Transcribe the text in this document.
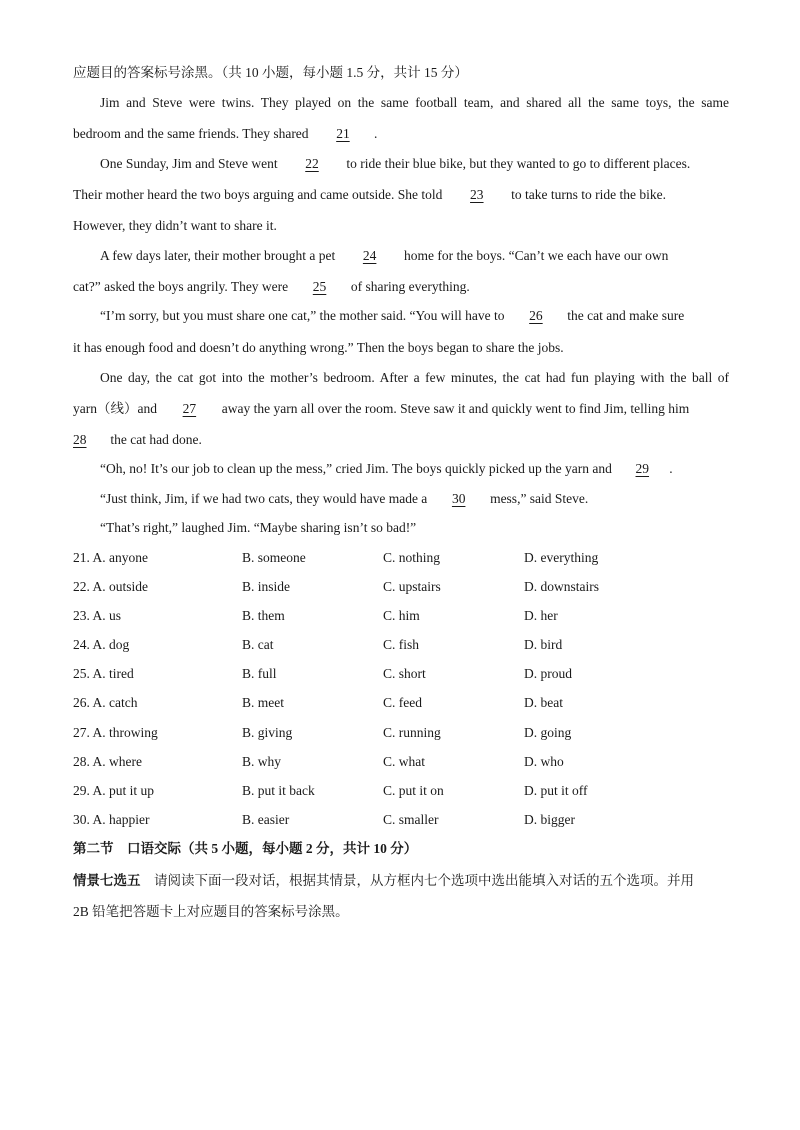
应题目的答案标号涂黑。（共 10 小题，每小题 1.5 分，共计 15 分）
Jim and Steve were twins. They played on the same football team, and shared all the same toys, the same
bedroom and the same friends. They shared 21 .
One Sunday, Jim and Steve went 22 to ride their blue bike, but they wanted to go to different places.
Their mother heard the two boys arguing and came outside. She told 23 to take turns to ride the bike.
However, they didn’t want to share it.
A few days later, their mother brought a pet 24 home for the boys. “Can’t we each have our own
cat?” asked the boys angrily. They were 25 of sharing everything.
“I’m sorry, but you must share one cat,” the mother said. “You will have to 26 the cat and make sure
it has enough food and doesn’t do anything wrong.” Then the boys began to share the jobs.
One day, the cat got into the mother’s bedroom. After a few minutes, the cat had fun playing with the ball of
yarn（线）and 27 away the yarn all over the room. Steve saw it and quickly went to find Jim, telling him
28 the cat had done.
“Oh, no! It’s our job to clean up the mess,” cried Jim. The boys quickly picked up the yarn and 29 .
“Just think, Jim, if we had two cats, they would have made a 30 mess,” said Steve.
“That’s right,” laughed Jim. “Maybe sharing isn’t so bad!”
21. A. anyone	B. someone	C. nothing	D. everything
22. A. outside	B. inside	C. upstairs	D. downstairs
23. A. us	B. them	C. him	D. her
24. A. dog	B. cat	C. fish	D. bird
25. A. tired	B. full	C. short	D. proud
26. A. catch	B. meet	C. feed	D. beat
27. A. throwing	B. giving	C. running	D. going
28. A. where	B. why	C. what	D. who
29. A. put it up	B. put it back	C. put it on	D. put it off
30. A. happier	B. easier	C. smaller	D. bigger
第二节　口语交际（共 5 小题，每小题 2 分，共计 10 分）
情景七选五　请阅读下面一段对话，根据其情景，从方框内七个选项中选出能填入对话的五个选项。并用
2B 铅笔把答题卡上对应题目的答案标号涂黑。
